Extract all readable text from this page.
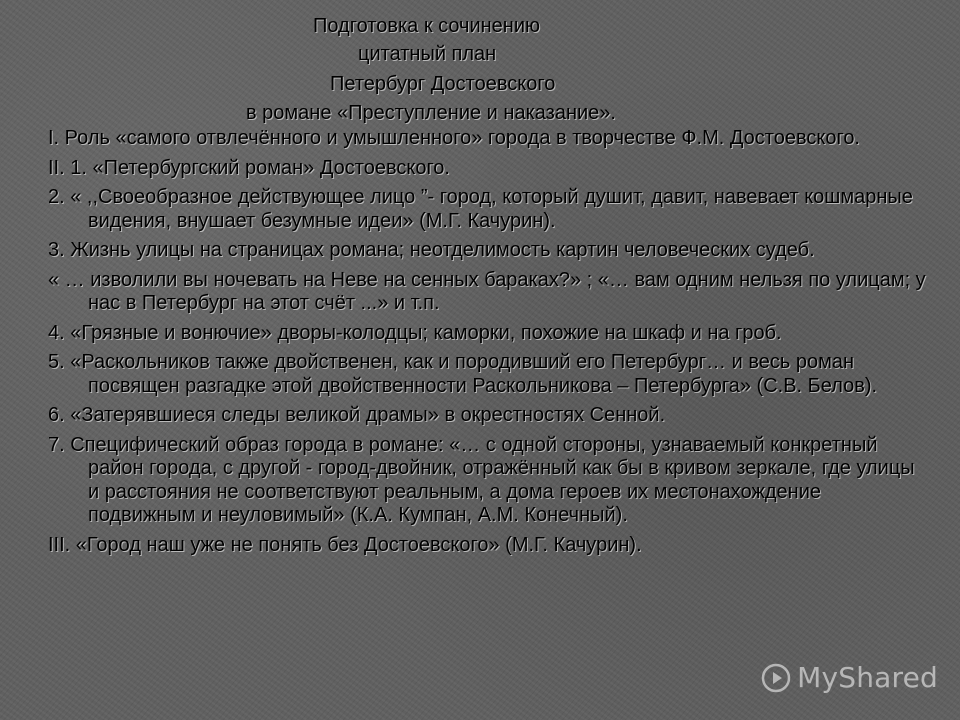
Подготовка к сочинению
цитатный план
Петербург Достоевского
в романе «Преступление и наказание».
I. Роль «самого отвлечённого и умышленного» города в творчестве Ф.М. Достоевского.
II. 1. «Петербургский роман» Достоевского.
2. « ,,Своеобразное действующее лицо ”- город, который душит, давит, навевает кошмарные видения, внушает безумные идеи» (М.Г. Качурин).
3. Жизнь улицы на страницах романа; неотделимость картин человеческих судеб.
« … изволили вы ночевать на Неве на сенных бараках?» ; «… вам одним нельзя по улицам; у нас в Петербург на этот счёт ...» и т.п.
4. «Грязные и вонючие» дворы-колодцы; каморки, похожие на шкаф и на гроб.
5. «Раскольников также двойственен, как и породивший его Петербург… и весь роман посвящен разгадке этой двойственности Раскольникова – Петербурга» (С.В. Белов).
6. «Затерявшиеся следы великой драмы» в окрестностях Сенной.
7. Специфический образ города в романе: «… с одной стороны, узнаваемый конкретный район города, с другой - город-двойник, отражённый как бы в кривом зеркале, где улицы и расстояния не соответствуют реальным, а дома героев их местонахождение подвижным и неуловимый» (К.А. Кумпан, А.М. Конечный).
III. «Город наш уже не понять без Достоевского» (М.Г. Качурин).
MyShared
